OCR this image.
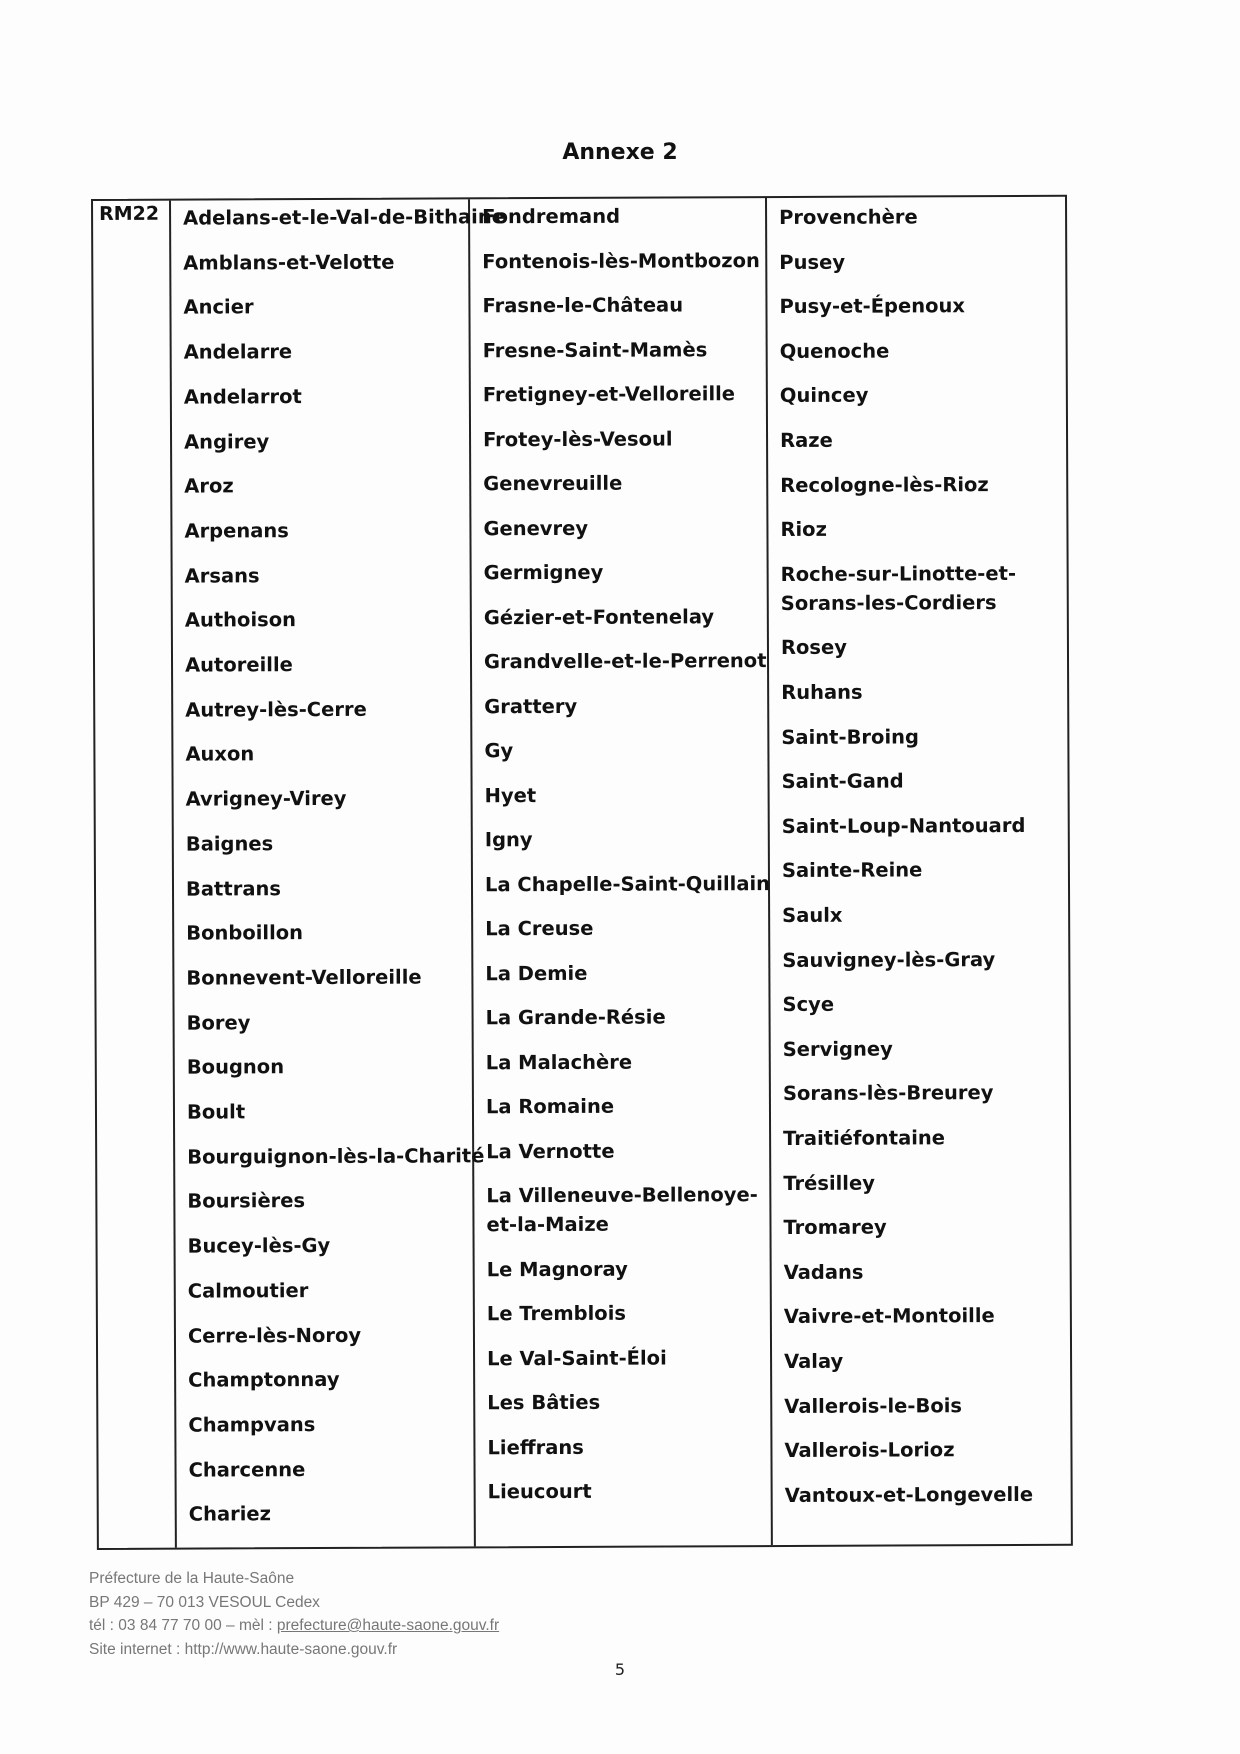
Annexe 2
RM22 Adelans-et-le-Val-de-Bithaine
Amblans-et-Velotte
Ancier
Andelarre
Andelarrot
Angirey
Aroz
Arpenans
Arsans
Authoison
Autoreille
Autrey-lès-Cerre
Auxon
Avrigney-Virey
Baignes
Battrans
Bonboillon
Bonnevent-Velloreille
Borey
Bougnon
Boult
Bourguignon-lès-la-Charité
Boursières
Bucey-lès-Gy
Calmoutier
Cerre-lès-Noroy
Champtonnay
Champvans
Charcenne
Chariez
Fondremand
Fontenois-lès-Montbozon
Frasne-le-Château
Fresne-Saint-Mamès
Fretigney-et-Velloreille
Frotey-lès-Vesoul
Genevreuille
Genevrey
Germigney
Gézier-et-Fontenelay
Grandvelle-et-le-Perrenot
Grattery
Gy
Hyet
Igny
La Chapelle-Saint-Quillain
La Creuse
La Demie
La Grande-Résie
La Malachère
La Romaine
La Vernotte
La Villeneuve-Bellenoye-et-la-Maize
Le Magnoray
Le Tremblois
Le Val-Saint-Éloi
Les Bâties
Lieffrans
Lieucourt
Provenchère
Pusey
Pusy-et-Épenoux
Quenoche
Quincey
Raze
Recologne-lès-Rioz
Rioz
Roche-sur-Linotte-et-Sorans-les-Cordiers
Rosey
Ruhans
Saint-Broing
Saint-Gand
Saint-Loup-Nantouard
Sainte-Reine
Saulx
Sauvigney-lès-Gray
Scye
Servigney
Sorans-lès-Breurey
Traitiéfontaine
Trésilley
Tromarey
Vadans
Vaivre-et-Montoille
Valay
Vallerois-le-Bois
Vallerois-Lorioz
Vantoux-et-Longevelle
Préfecture de la Haute-Saône
BP 429 – 70 013 VESOUL Cedex
tél : 03 84 77 70 00 – mèl : prefecture@haute-saone.gouv.fr
Site internet : http://www.haute-saone.gouv.fr
5
